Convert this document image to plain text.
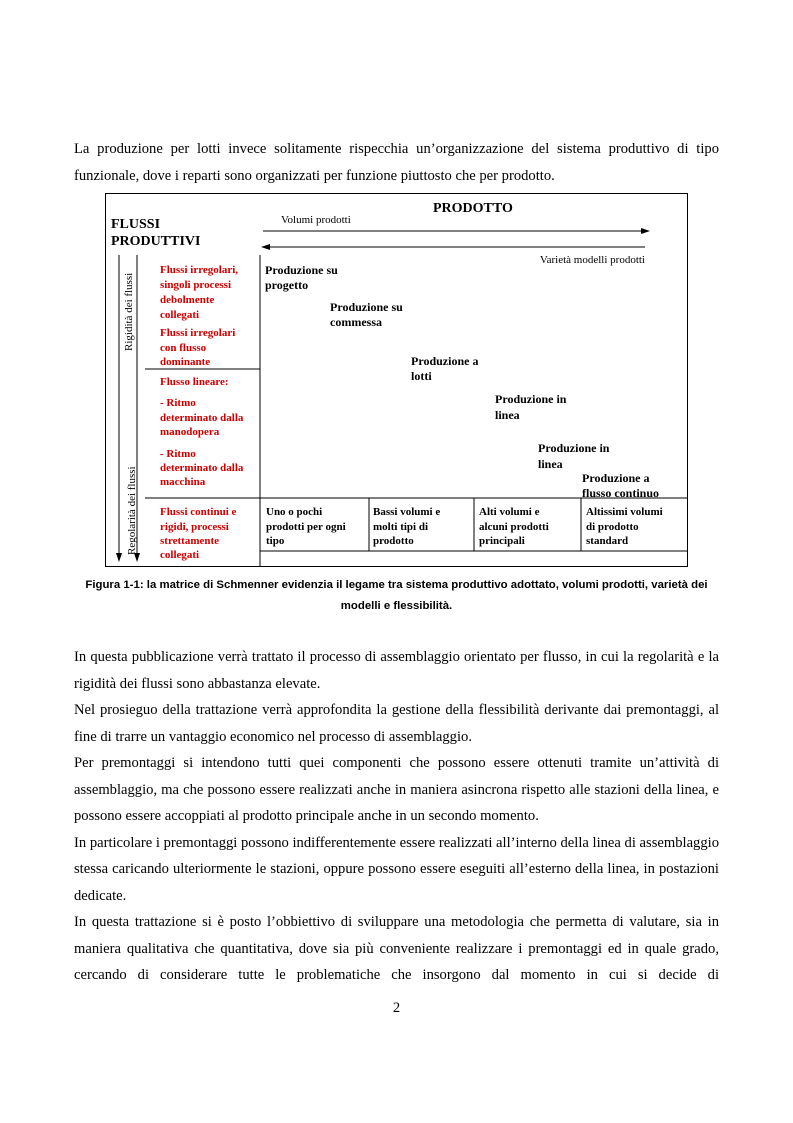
La produzione per lotti invece solitamente rispecchia un’organizzazione del sistema produttivo di tipo funzionale, dove i reparti sono organizzati per funzione piuttosto che per prodotto.

FLUSSI
PRODUTTIVI
PRODOTTO
Volumi prodotti
Varietà modelli prodotti
Rigidità dei flussi
Regolarità dei flussi
Flussi irregolari,
singoli processi
debolmente
collegati
Flussi irregolari
con flusso
dominante
Flusso lineare:
- Ritmo
determinato dalla
manodopera
- Ritmo
determinato dalla
macchina
Flussi continui e
rigidi, processi
strettamente
collegati
Produzione su
progetto
Produzione su
commessa
Produzione a
lotti
Produzione in
linea
Produzione in
linea
Produzione a
flusso continuo
Uno o pochi
prodotti per ogni
tipo
Bassi volumi e
molti tipi di
prodotto
Alti volumi e
alcuni prodotti
principali
Altissimi volumi
di prodotto
standard

Figura 1-1: la matrice di Schmenner evidenzia il legame tra sistema produttivo adottato, volumi prodotti, varietà dei
modelli e flessibilità.

In questa pubblicazione verrà trattato il processo di assemblaggio orientato per flusso, in cui la regolarità e la rigidità dei flussi sono abbastanza elevate.

Nel prosieguo della trattazione verrà approfondita la gestione della flessibilità derivante dai premontaggi, al fine di trarre un vantaggio economico nel processo di assemblaggio.

Per premontaggi si intendono tutti quei componenti che possono essere ottenuti tramite un’attività di assemblaggio, ma che possono essere realizzati anche in maniera asincrona rispetto alle stazioni della linea, e possono essere accoppiati al prodotto principale anche in un secondo momento.

In particolare i premontaggi possono indifferentemente essere realizzati all’interno della linea di assemblaggio stessa caricando ulteriormente le stazioni, oppure possono essere eseguiti all’esterno della linea, in postazioni dedicate.

In questa trattazione si è posto l’obbiettivo di sviluppare una metodologia che permetta di valutare, sia in maniera qualitativa che quantitativa, dove sia più conveniente realizzare i premontaggi ed in quale grado, cercando di considerare tutte le problematiche che insorgono dal momento in cui si decide di

2
